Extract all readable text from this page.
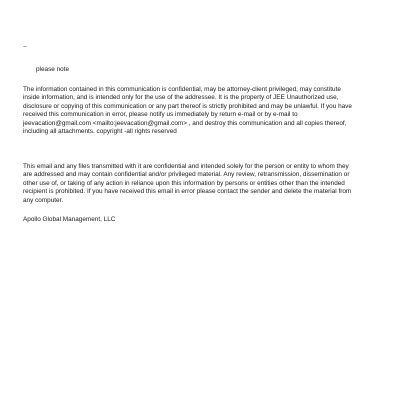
--
please note
The information contained in this communication is confidential, may be attorney-client privileged, may constitute
inside information, and is intended only for the use of the addressee. It is the property of JEE Unauthorized use,
disclosure or copying of this communication or any part thereof is strictly prohibited and may be unlawful. If you have
received this communication in error, please notify us immediately by return e-mail or by e-mail to
jeevacation@gmail.com <mailto:jeevacation@gmail.com> , and destroy this communication and all copies thereof,
including all attachments. copyright -all rights reserved
This email and any files transmitted with it are confidential and intended solely for the person or entity to whom they
are addressed and may contain confidential and/or privileged material. Any review, retransmission, dissemination or
other use of, or taking of any action in reliance upon this information by persons or entities other than the intended
recipient is prohibited. If you have received this email in error please contact the sender and delete the material from
any computer.
Apollo Global Management, LLC
